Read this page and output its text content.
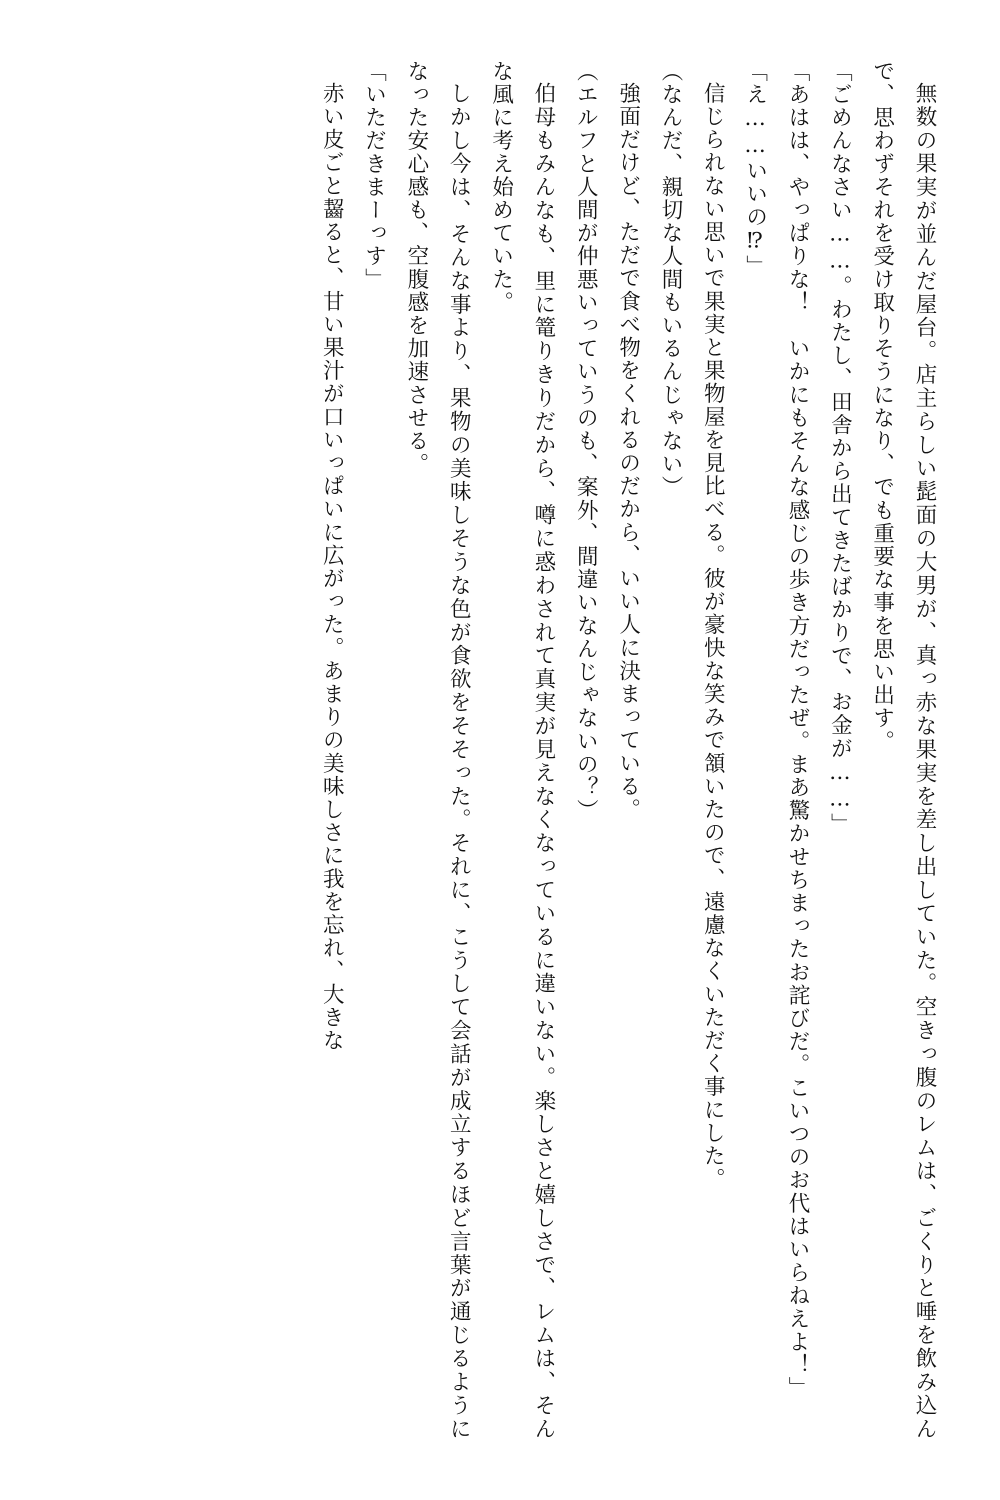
無数の果実が並んだ屋台。店主らしい髭面の大男が、真っ赤な果実を差し出していた。空きっ腹のレムは、ごくりと唾を飲み込んで、思わずそれを受け取りそうになり、でも重要な事を思い出す。

「ごめんなさい……。わたし、田舎から出てきたばかりで、お金が……」

「あはは、やっぱりな！　いかにもそんな感じの歩き方だったぜ。まあ驚かせちまったお詫びだ。こいつのお代はいらねえよ！」

「え……いいの⁉」

信じられない思いで果実と果物屋を見比べる。彼が豪快な笑みで頷いたので、遠慮なくいただく事にした。

（なんだ、親切な人間もいるんじゃない）

強面だけど、ただで食べ物をくれるのだから、いい人に決まっている。

（エルフと人間が仲悪いっていうのも、案外、間違いなんじゃないの？）

伯母もみんなも、里に篭りきりだから、噂に惑わされて真実が見えなくなっているに違いない。楽しさと嬉しさで、レムは、そんな風に考え始めていた。

しかし今は、そんな事より、果物の美味しそうな色が食欲をそそった。それに、こうして会話が成立するほど言葉が通じるようになった安心感も、空腹感を加速させる。

「いただきまーっす」

赤い皮ごと齧ると、甘い果汁が口いっぱいに広がった。あまりの美味しさに我を忘れ、大きな
